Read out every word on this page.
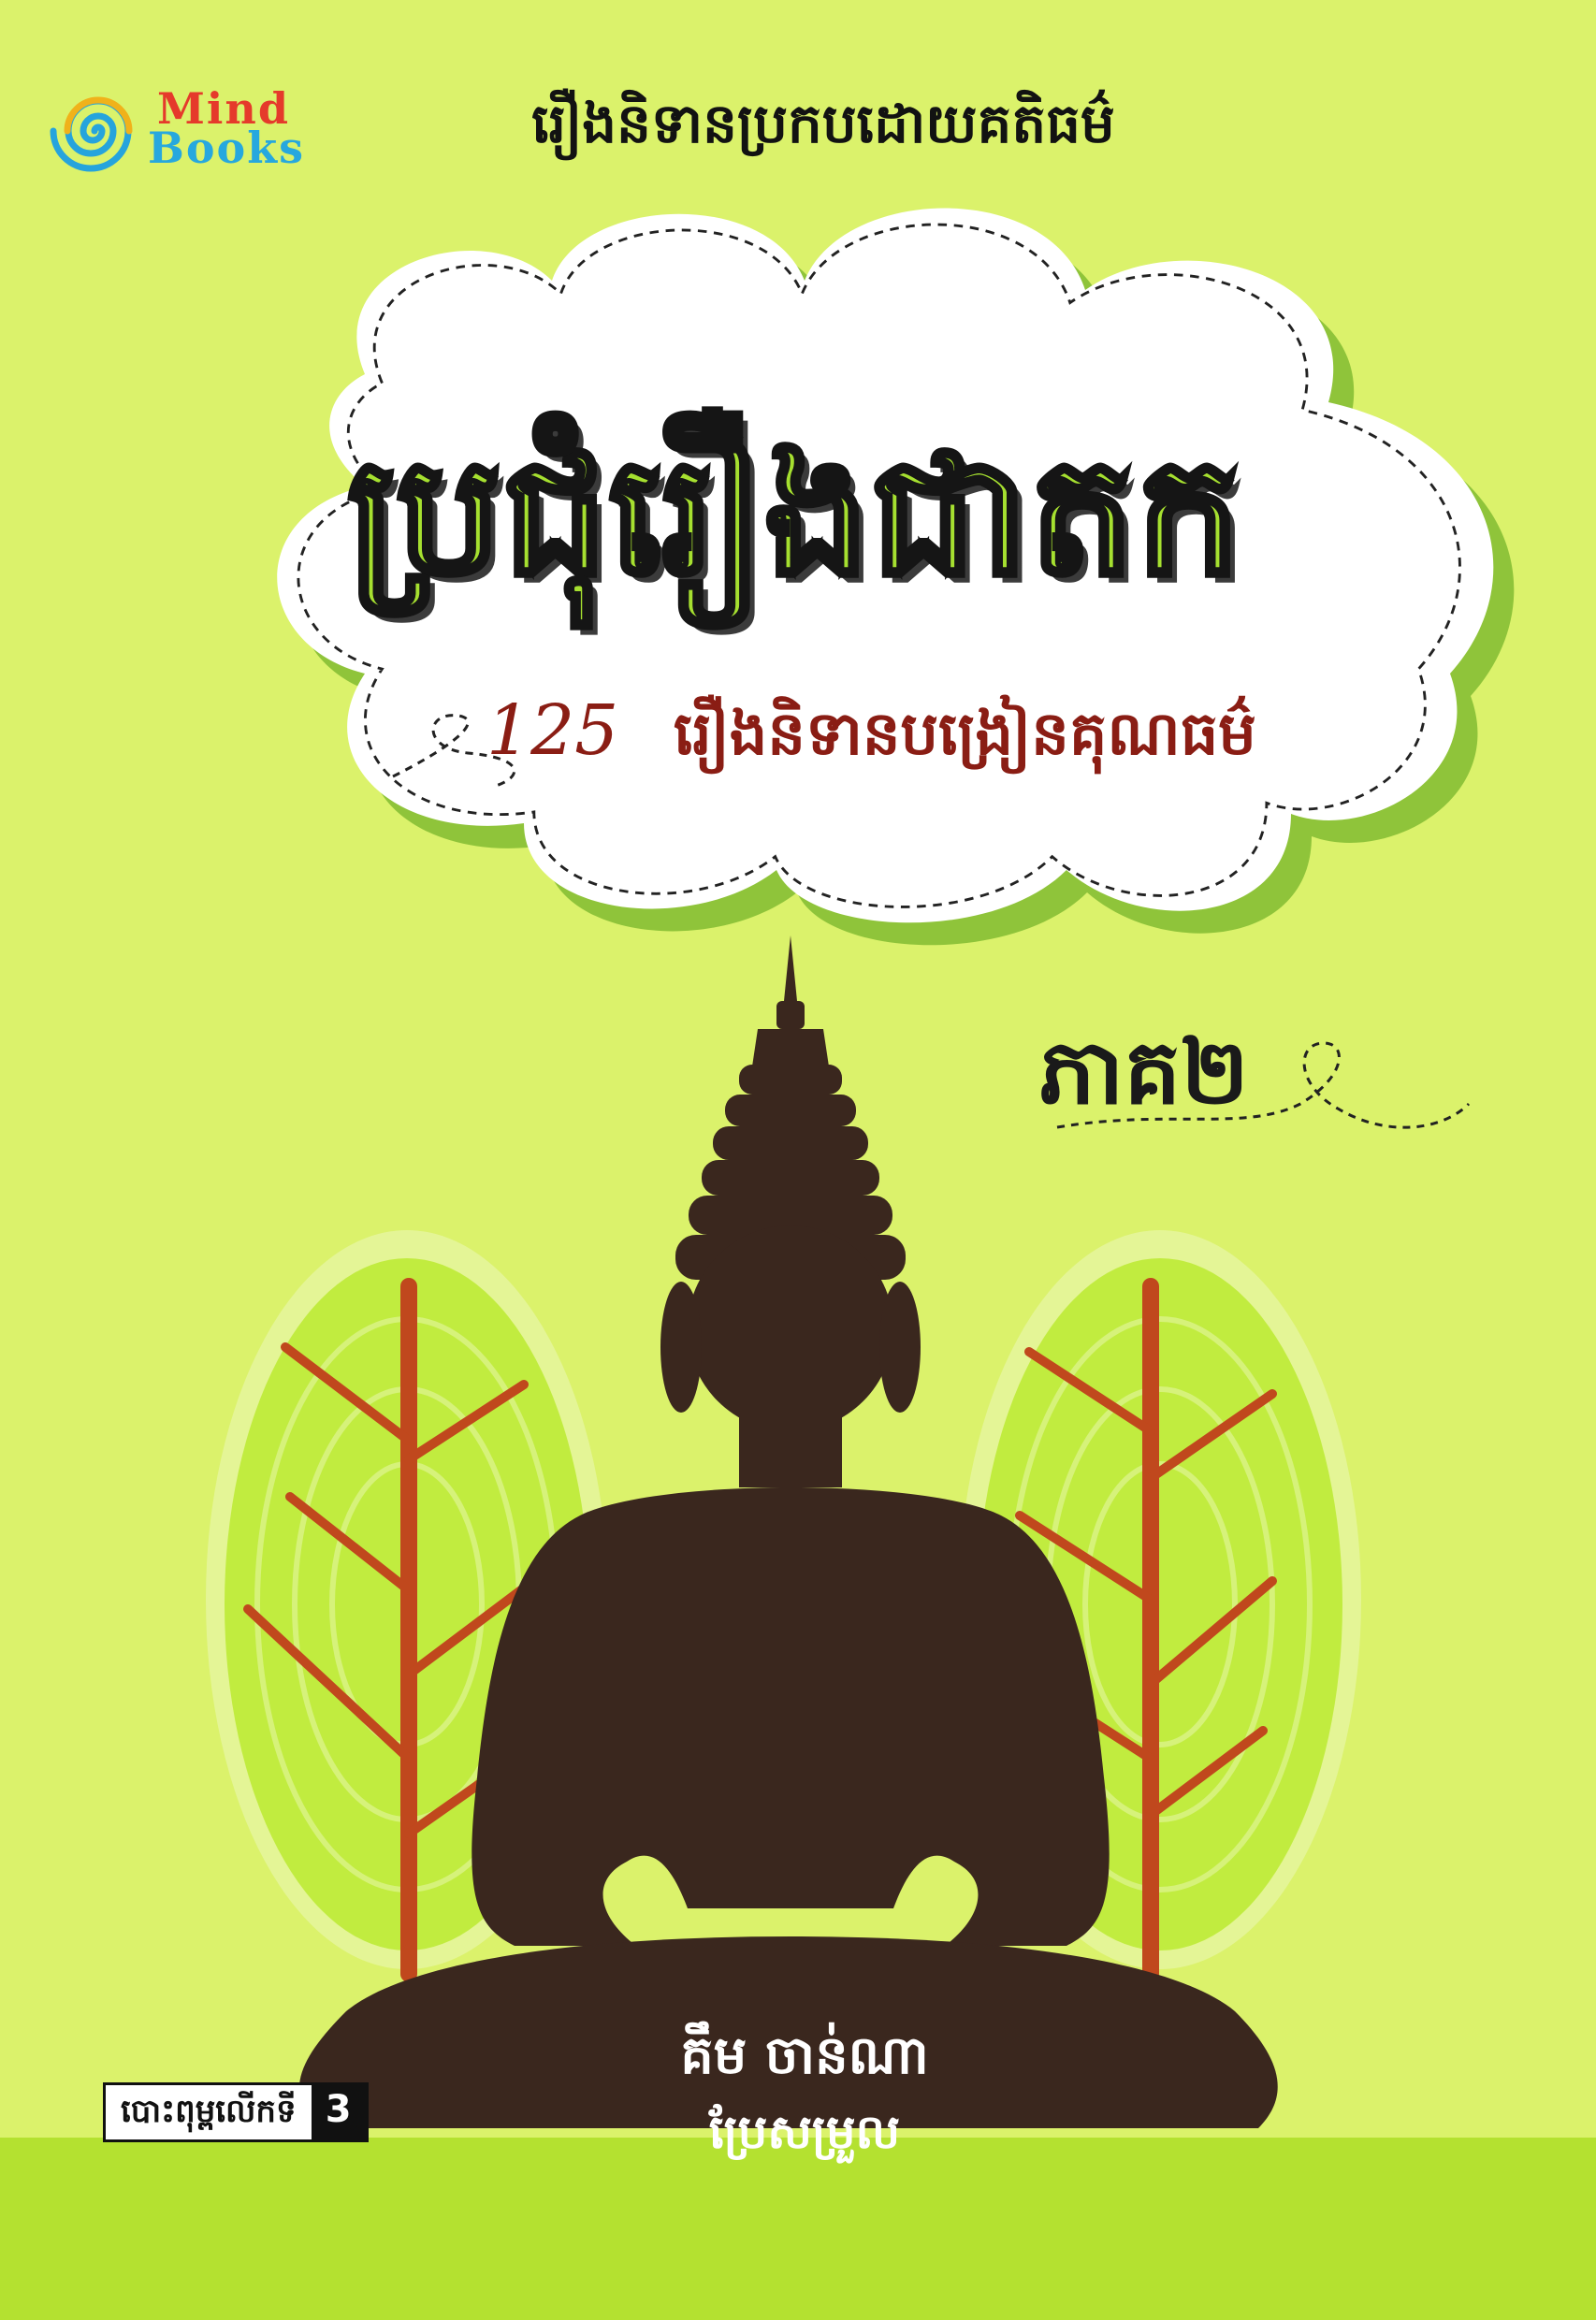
Mind
Books	រឿងនិទានប្រកបដោយគតិធម៌
ប្រជុំរឿងជាតក
125 រឿងនិទានបង្រៀនគុណធម៌
ភាគ២
គឹម ចាន់ណា
ប្រែសម្រួល
បោះពុម្ពលើកទី 3
